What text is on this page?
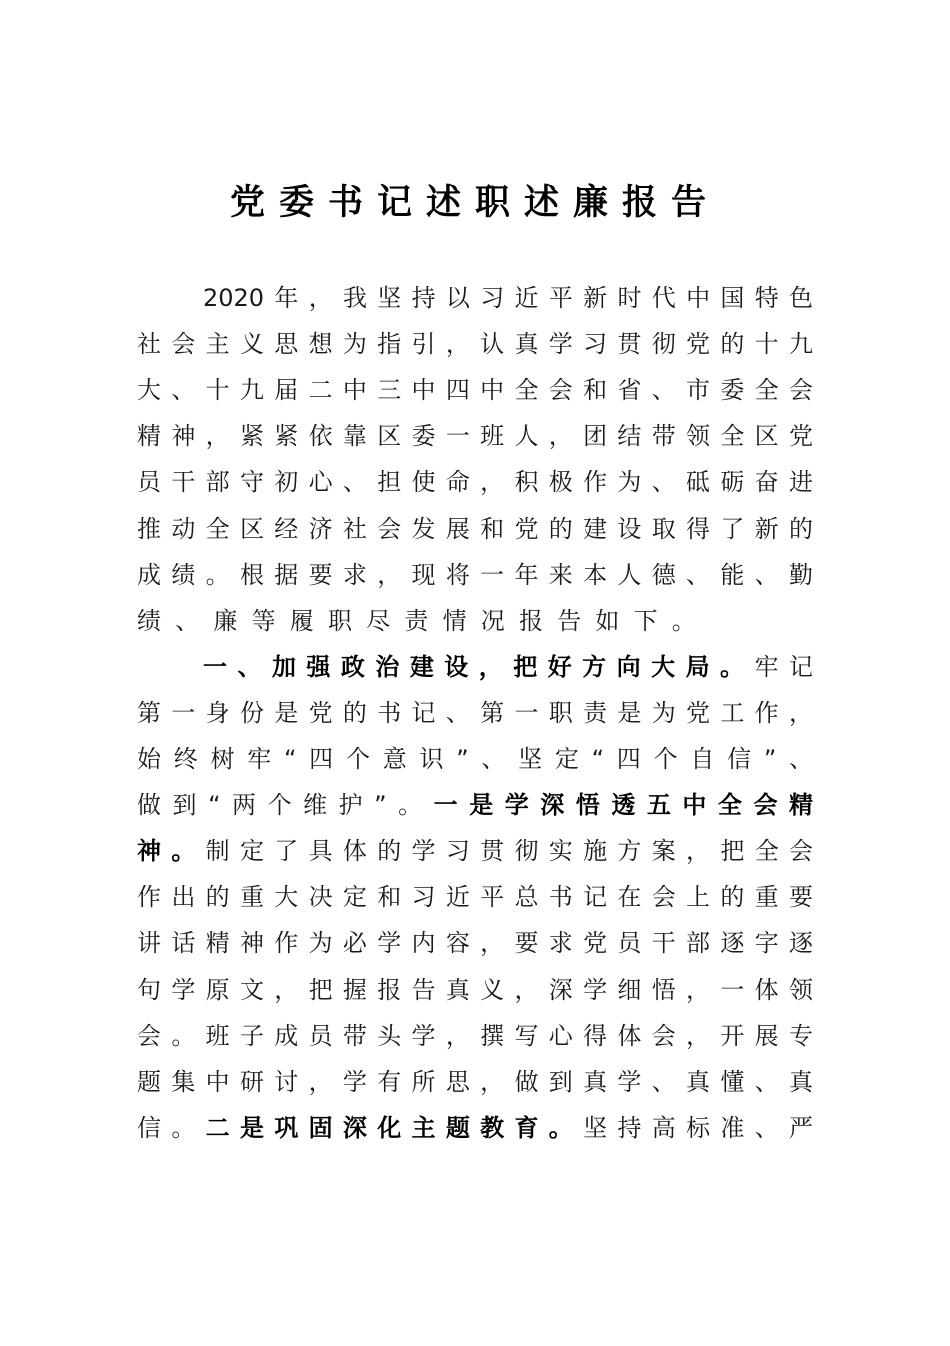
党委书记述职述廉报告
2020年，我坚持以习近平新时代中国特色
社会主义思想为指引，认真学习贯彻党的十九
大、十九届二中三中四中全会和省、市委全会
精神，紧紧依靠区委一班人，团结带领全区党
员干部守初心、担使命，积极作为、砥砺奋进
推动全区经济社会发展和党的建设取得了新的
成绩。根据要求，现将一年来本人德、能、勤
绩、廉等履职尽责情况报告如下。
一、加强政治建设，把好方向大局。牢记
第一身份是党的书记、第一职责是为党工作，
始终树牢“四个意识”、坚定“四个自信”、
做到“两个维护”。一是学深悟透五中全会精
神。制定了具体的学习贯彻实施方案，把全会
作出的重大决定和习近平总书记在会上的重要
讲话精神作为必学内容，要求党员干部逐字逐
句学原文，把握报告真义，深学细悟，一体领
会。班子成员带头学，撰写心得体会，开展专
题集中研讨，学有所思，做到真学、真懂、真
信。二是巩固深化主题教育。坚持高标准、严
